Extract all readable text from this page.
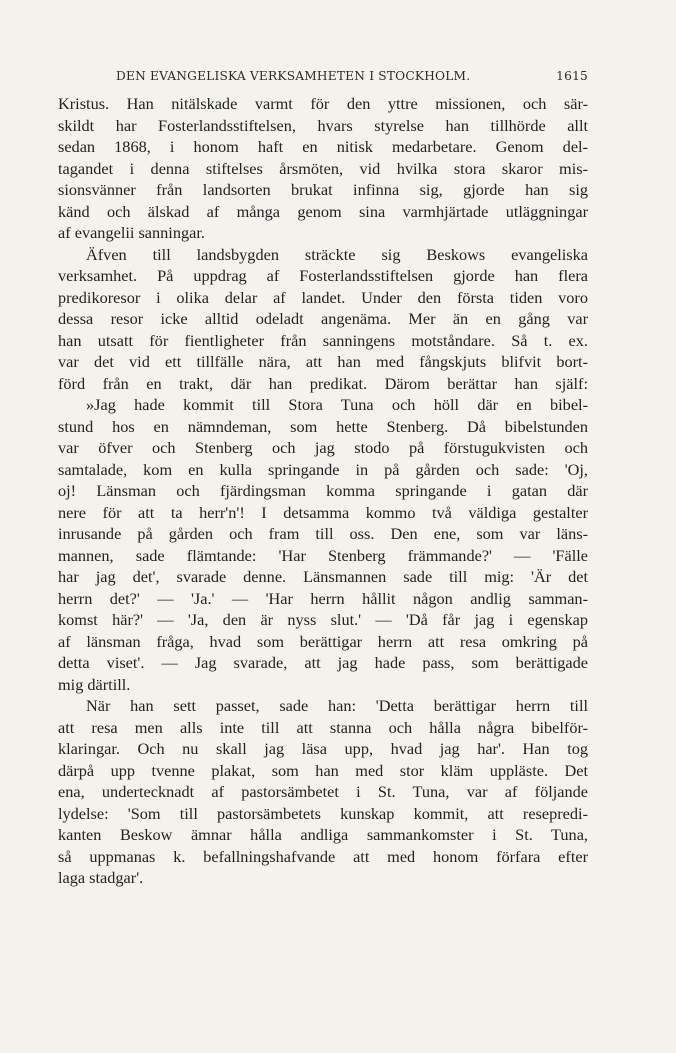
DEN EVANGELISKA VERKSAMHETEN I STOCKHOLM.	1615
Kristus. Han nitälskade varmt för den yttre missionen, och sär-
skildt har Fosterlandsstiftelsen, hvars styrelse han tillhörde allt
sedan 1868, i honom haft en nitisk medarbetare. Genom del-
tagandet i denna stiftelses årsmöten, vid hvilka stora skaror mis-
sionsvänner från landsorten brukat infinna sig, gjorde han sig
känd och älskad af många genom sina varmhjärtade utläggningar
af evangelii sanningar.
Äfven till landsbygden sträckte sig Beskows evangeliska
verksamhet. På uppdrag af Fosterlandsstiftelsen gjorde han flera
predikoresor i olika delar af landet. Under den första tiden voro
dessa resor icke alltid odeladt angenäma. Mer än en gång var
han utsatt för fientligheter från sanningens motståndare. Så t. ex.
var det vid ett tillfälle nära, att han med fångskjuts blifvit bort-
förd från en trakt, där han predikat. Därom berättar han själf:
»Jag hade kommit till Stora Tuna och höll där en bibel-
stund hos en nämndeman, som hette Stenberg. Då bibelstunden
var öfver och Stenberg och jag stodo på förstugukvisten och
samtalade, kom en kulla springande in på gården och sade: 'Oj,
oj! Länsman och fjärdingsman komma springande i gatan där
nere för att ta herr'n'! I detsamma kommo två väldiga gestalter
inrusande på gården och fram till oss. Den ene, som var läns-
mannen, sade flämtande: 'Har Stenberg främmande?' — 'Fälle
har jag det', svarade denne. Länsmannen sade till mig: 'Är det
herrn det?' — 'Ja.' — 'Har herrn hållit någon andlig samman-
komst här?' — 'Ja, den är nyss slut.' — 'Då får jag i egenskap
af länsman fråga, hvad som berättigar herrn att resa omkring på
detta viset'. — Jag svarade, att jag hade pass, som berättigade
mig därtill.
När han sett passet, sade han: 'Detta berättigar herrn till
att resa men alls inte till att stanna och hålla några bibelför-
klaringar. Och nu skall jag läsa upp, hvad jag har'. Han tog
därpå upp tvenne plakat, som han med stor kläm uppläste. Det
ena, undertecknadt af pastorsämbetet i St. Tuna, var af följande
lydelse: 'Som till pastorsämbetets kunskap kommit, att resepredi-
kanten Beskow ämnar hålla andliga sammankomster i St. Tuna,
så uppmanas k. befallningshafvande att med honom förfara efter
laga stadgar'.
